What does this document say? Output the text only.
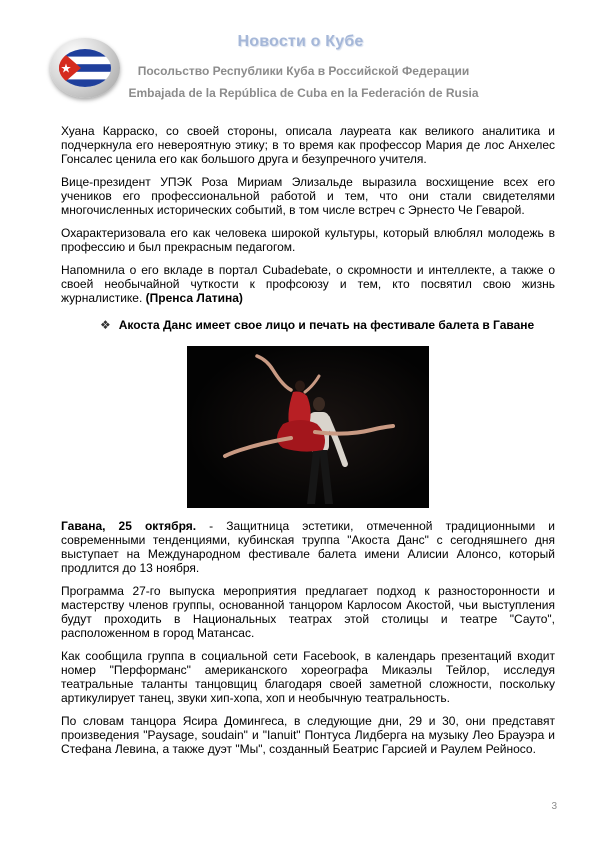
Новости о Кубе
Посольство Республики Куба в Российской Федерации
Embajada de la República de Cuba en la Federación de Rusia

Хуана Карраско, со своей стороны, описала лауреата как великого аналитика и подчеркнула его невероятную этику; в то время как профессор Мария де лос Анхелес Гонсалес ценила его как большого друга и безупречного учителя.

Вице-президент УПЭК Роза Мириам Элизальде выразила восхищение всех его учеников его профессиональной работой и тем, что они стали свидетелями многочисленных исторических событий, в том числе встреч с Эрнесто Че Геварой.

Охарактеризовала его как человека широкой культуры, который влюблял молодежь в профессию и был прекрасным педагогом.

Напомнила о его вкладе в портал Cubadebate, о скромности и интеллекте, а также о своей необычайной чуткости к профсоюзу и тем, кто посвятил свою жизнь журналистике. (Пренса Латина)

❖ Акоста Данс имеет свое лицо и печать на фестивале балета в Гаване

Гавана, 25 октября. - Защитница эстетики, отмеченной традиционными и современными тенденциями, кубинская труппа "Акоста Данс" с сегодняшнего дня выступает на Международном фестивале балета имени Алисии Алонсо, который продлится до 13 ноября.

Программа 27-го выпуска мероприятия предлагает подход к разносторонности и мастерству членов группы, основанной танцором Карлосом Акостой, чьи выступления будут проходить в Национальных театрах этой столицы и театре "Сауто", расположенном в город Матансас.

Как сообщила группа в социальной сети Facebook, в календарь презентаций входит номер "Перформанс" американского хореографа Микаэлы Тейлор, исследуя театральные таланты танцовщиц благодаря своей заметной сложности, поскольку артикулирует танец, звуки хип-хопа, хоп и необычную театральность.

По словам танцора Ясира Домингеса, в следующие дни, 29 и 30, они представят произведения "Paysage, soudain" и "Ianuit" Понтуса Лидберга на музыку Лео Брауэра и Стефана Левина, а также дуэт "Мы", созданный Беатрис Гарсией и Раулем Рейносо.

3
